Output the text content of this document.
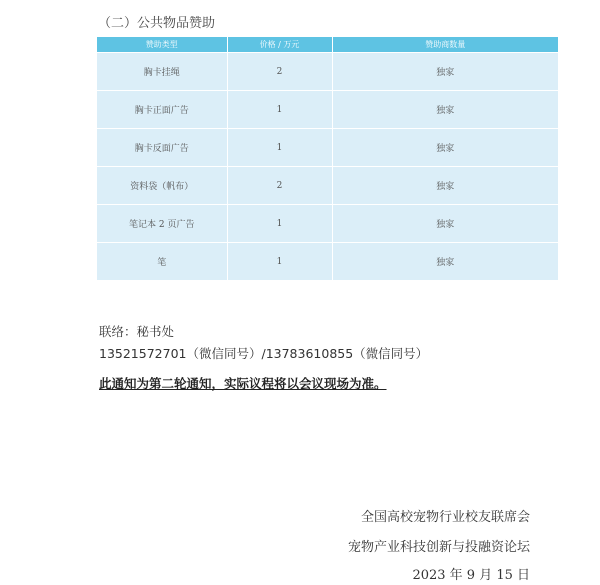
（二）公共物品赞助
赞助类型	价格 / 万元	赞助商数量
胸卡挂绳	2	独家
胸卡正面广告	1	独家
胸卡反面广告	1	独家
资料袋（帆布）	2	独家
笔记本 2 页广告	1	独家
笔	1	独家
联络：秘书处
13521572701（微信同号）/13783610855（微信同号）
此通知为第二轮通知，实际议程将以会议现场为准。
全国高校宠物行业校友联席会
宠物产业科技创新与投融资论坛
2023 年 9 月 15 日
